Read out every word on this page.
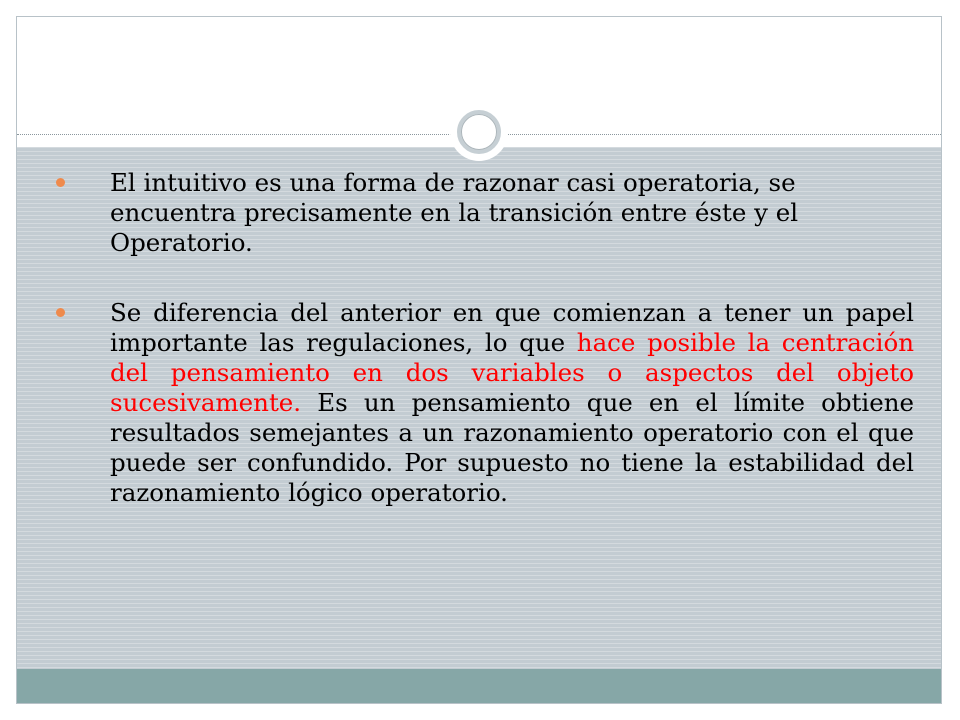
El intuitivo es una forma de razonar casi operatoria, se encuentra precisamente en la transición entre éste y el Operatorio.
Se diferencia del anterior en que comienzan a tener un papel importante las regulaciones, lo que hace posible la centración del pensamiento en dos variables o aspectos del objeto sucesivamente. Es un pensamiento que en el límite obtiene resultados semejantes a un razonamiento operatorio con el que puede ser confundido. Por supuesto no tiene la estabilidad del razonamiento lógico operatorio.
